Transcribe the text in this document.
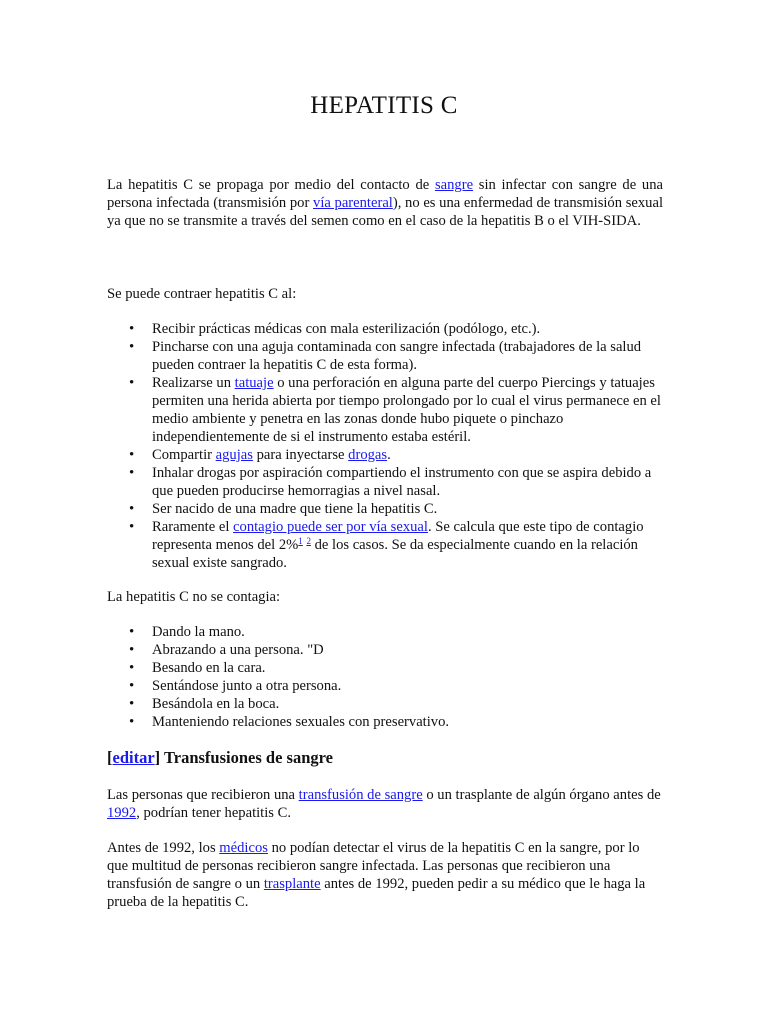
HEPATITIS C

La hepatitis C se propaga por medio del contacto de sangre sin infectar con sangre de una persona infectada (transmisión por vía parenteral), no es una enfermedad de transmisión sexual ya que no se transmite a través del semen como en el caso de la hepatitis B o el VIH-SIDA.

Se puede contraer hepatitis C al:

• Recibir prácticas médicas con mala esterilización (podólogo, etc.).
• Pincharse con una aguja contaminada con sangre infectada (trabajadores de la salud pueden contraer la hepatitis C de esta forma).
• Realizarse un tatuaje o una perforación en alguna parte del cuerpo Piercings y tatuajes permiten una herida abierta por tiempo prolongado por lo cual el virus permanece en el medio ambiente y penetra en las zonas donde hubo piquete o pinchazo independientemente de si el instrumento estaba estéril.
• Compartir agujas para inyectarse drogas.
• Inhalar drogas por aspiración compartiendo el instrumento con que se aspira debido a que pueden producirse hemorragias a nivel nasal.
• Ser nacido de una madre que tiene la hepatitis C.
• Raramente el contagio puede ser por vía sexual. Se calcula que este tipo de contagio representa menos del 2%$^1$ $^2$ de los casos. Se da especialmente cuando en la relación sexual existe sangrado.

La hepatitis C no se contagia:

• Dando la mano.
• Abrazando a una persona. "D
• Besando en la cara.
• Sentándose junto a otra persona.
• Besándola en la boca.
• Manteniendo relaciones sexuales con preservativo.
[editar] Transfusiones de sangre

Las personas que recibieron una transfusión de sangre o un trasplante de algún órgano antes de 1992, podrían tener hepatitis C.

Antes de 1992, los médicos no podían detectar el virus de la hepatitis C en la sangre, por lo que multitud de personas recibieron sangre infectada. Las personas que recibieron una transfusión de sangre o un trasplante antes de 1992, pueden pedir a su médico que le haga la prueba de la hepatitis C.
